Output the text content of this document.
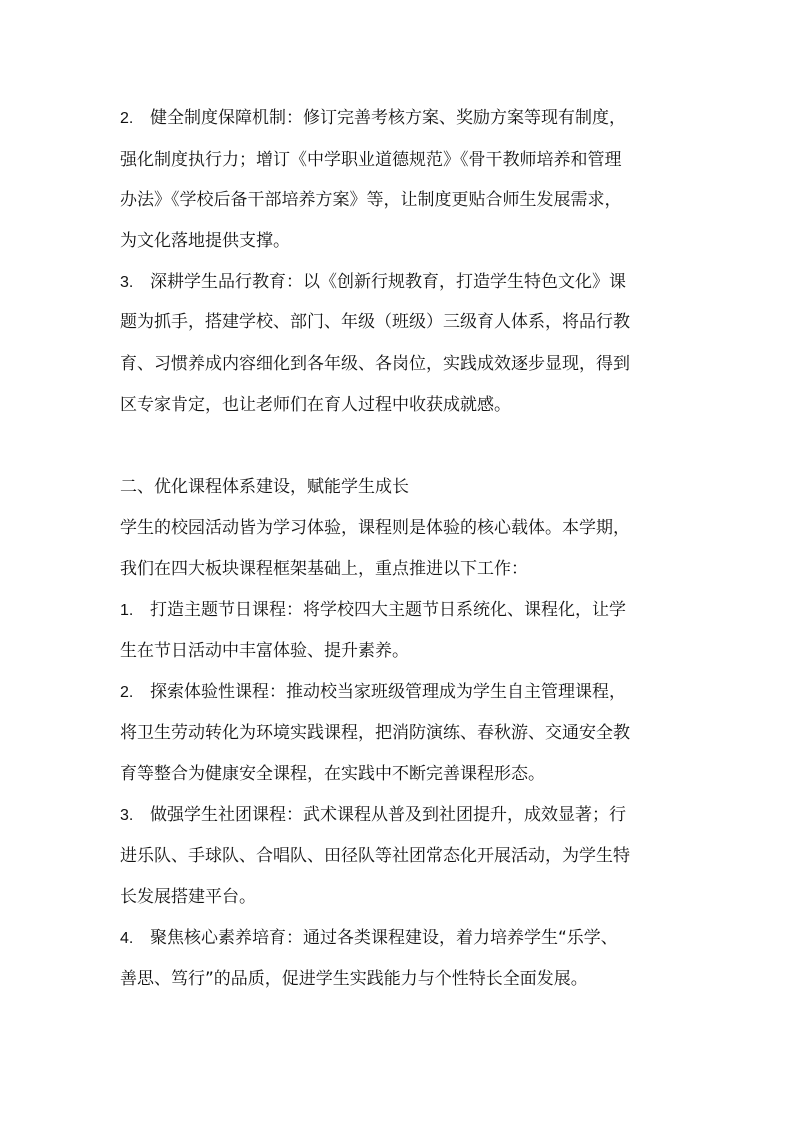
2. 健全制度保障机制：修订完善考核方案、奖励方案等现有制度，
强化制度执行力；增订《中学职业道德规范》《骨干教师培养和管理
办法》《学校后备干部培养方案》等，让制度更贴合师生发展需求，
为文化落地提供支撑。
3. 深耕学生品行教育：以《创新行规教育，打造学生特色文化》课
题为抓手，搭建学校、部门、年级（班级）三级育人体系，将品行教
育、习惯养成内容细化到各年级、各岗位，实践成效逐步显现，得到
区专家肯定，也让老师们在育人过程中收获成就感。
二、优化课程体系建设，赋能学生成长
学生的校园活动皆为学习体验，课程则是体验的核心载体。本学期，
我们在四大板块课程框架基础上，重点推进以下工作：
1. 打造主题节日课程：将学校四大主题节日系统化、课程化，让学
生在节日活动中丰富体验、提升素养。
2. 探索体验性课程：推动校当家班级管理成为学生自主管理课程，
将卫生劳动转化为环境实践课程，把消防演练、春秋游、交通安全教
育等整合为健康安全课程，在实践中不断完善课程形态。
3. 做强学生社团课程：武术课程从普及到社团提升，成效显著；行
进乐队、手球队、合唱队、田径队等社团常态化开展活动，为学生特
长发展搭建平台。
4. 聚焦核心素养培育：通过各类课程建设，着力培养学生“乐学、
善思、笃行”的品质，促进学生实践能力与个性特长全面发展。
